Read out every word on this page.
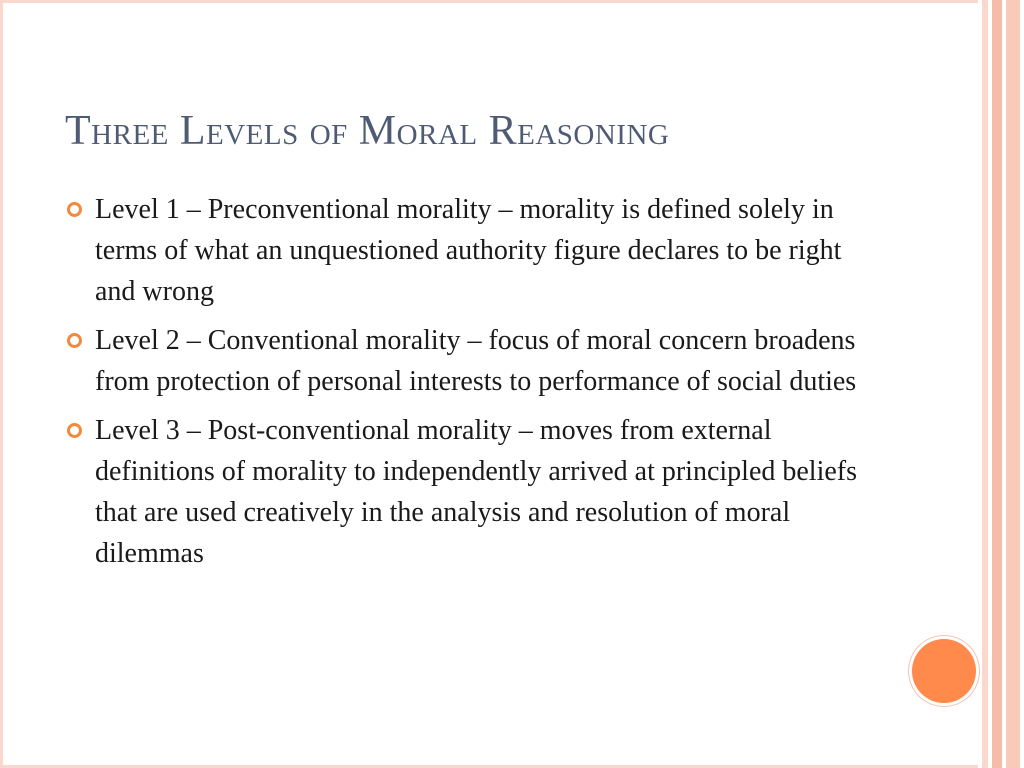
Three Levels of Moral Reasoning
Level 1 – Preconventional morality – morality is defined solely in terms of what an unquestioned authority figure declares to be right and wrong
Level 2 – Conventional morality – focus of moral concern broadens from protection of personal interests to performance of social duties
Level 3 – Post-conventional morality – moves from external definitions of morality to independently arrived at principled beliefs that are used creatively in the analysis and resolution of moral dilemmas
